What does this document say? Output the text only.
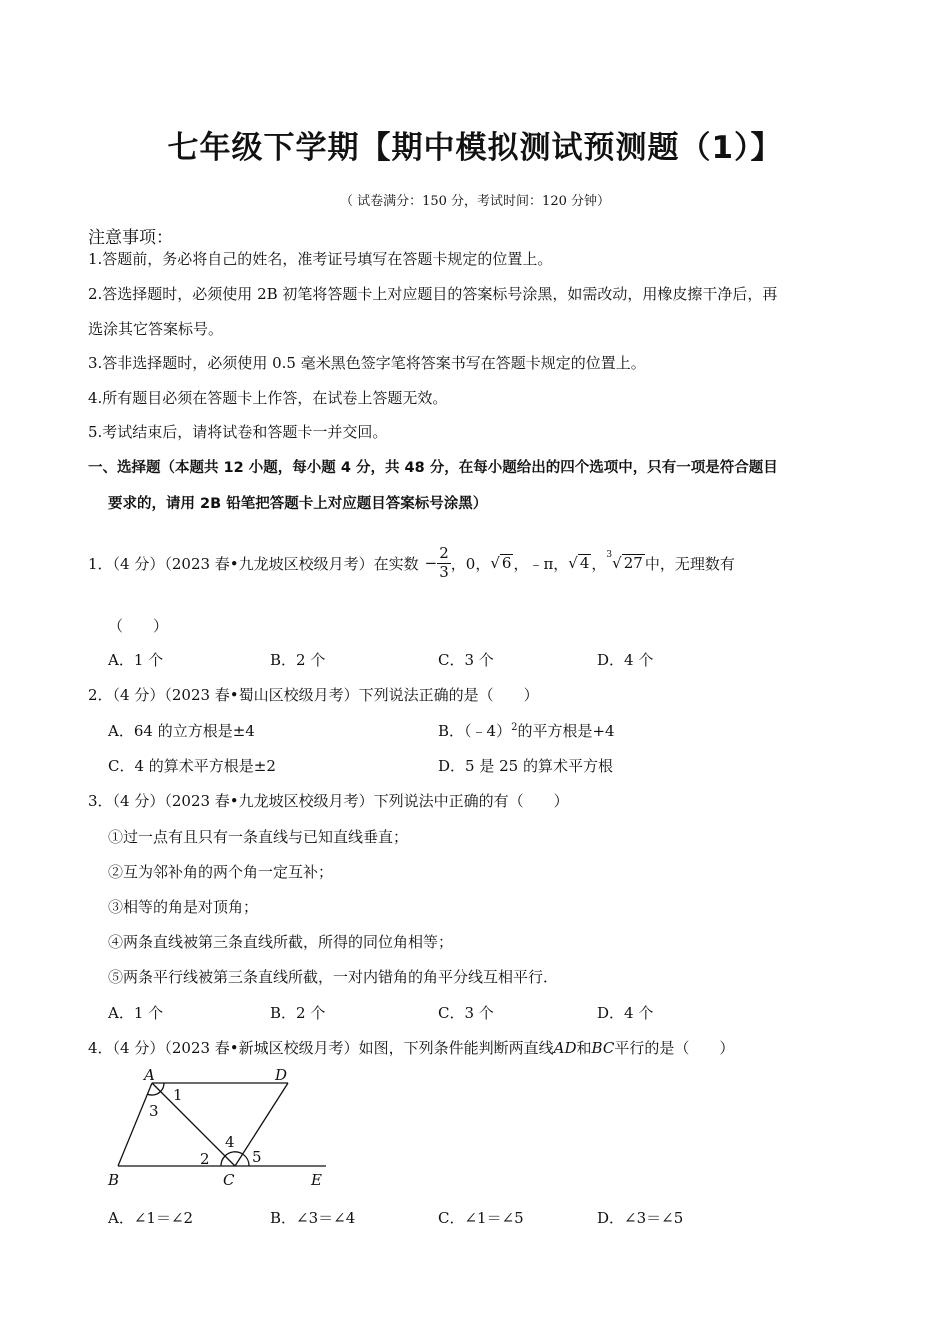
七年级下学期【期中模拟测试预测题（1）】
（ 试卷满分：150 分，考试时间：120 分钟）
注意事项：
1.答题前，务必将自己的姓名，准考证号填写在答题卡规定的位置上。
2.答选择题时，必须使用 2B 初笔将答题卡上对应题目的答案标号涂黑，如需改动，用橡皮擦干净后，再
选涂其它答案标号。
3.答非选择题时，必须使用 0.5 毫米黑色签字笔将答案书写在答题卡规定的位置上。
4.所有题目必须在答题卡上作答，在试卷上答题无效。
5.考试结束后，请将试卷和答题卡一并交回。
一、选择题（本题共 12 小题，每小题 4 分，共 48 分，在每小题给出的四个选项中，只有一项是符合题目
要求的，请用 2B 铅笔把答题卡上对应题目答案标号涂黑）
1．（4 分）（2023 春•九龙坡区校级月考）在实数 − $\frac{2}{3}$ ，0， √ 6 ，﹣π， √ 4 ， 3 √ 27 中，无理数有
（　　）
A．1 个	B．2 个	C．3 个	D．4 个
2．（4 分）（2023 春•蜀山区校级月考）下列说法正确的是（　　）
A．64 的立方根是±4	B．（﹣4）$^2$的平方根是+4
C．4 的算术平方根是±2	D．5 是 25 的算术平方根
3．（4 分）（2023 春•九龙坡区校级月考）下列说法中正确的有（　　）
①过一点有且只有一条直线与已知直线垂直；
②互为邻补角的两个角一定互补；
③相等的角是对顶角；
④两条直线被第三条直线所截，所得的同位角相等；
⑤两条平行线被第三条直线所截，一对内错角的角平分线互相平行．
A．1 个	B．2 个	C．3 个	D．4 个
4．（4 分）（2023 春•新城区校级月考）如图，下列条件能判断两直线AD和BC平行的是（　　）
A	D
B	C	E
1
3
2
4
5
A．∠1＝∠2	B．∠3＝∠4	C．∠1＝∠5	D．∠3＝∠5
